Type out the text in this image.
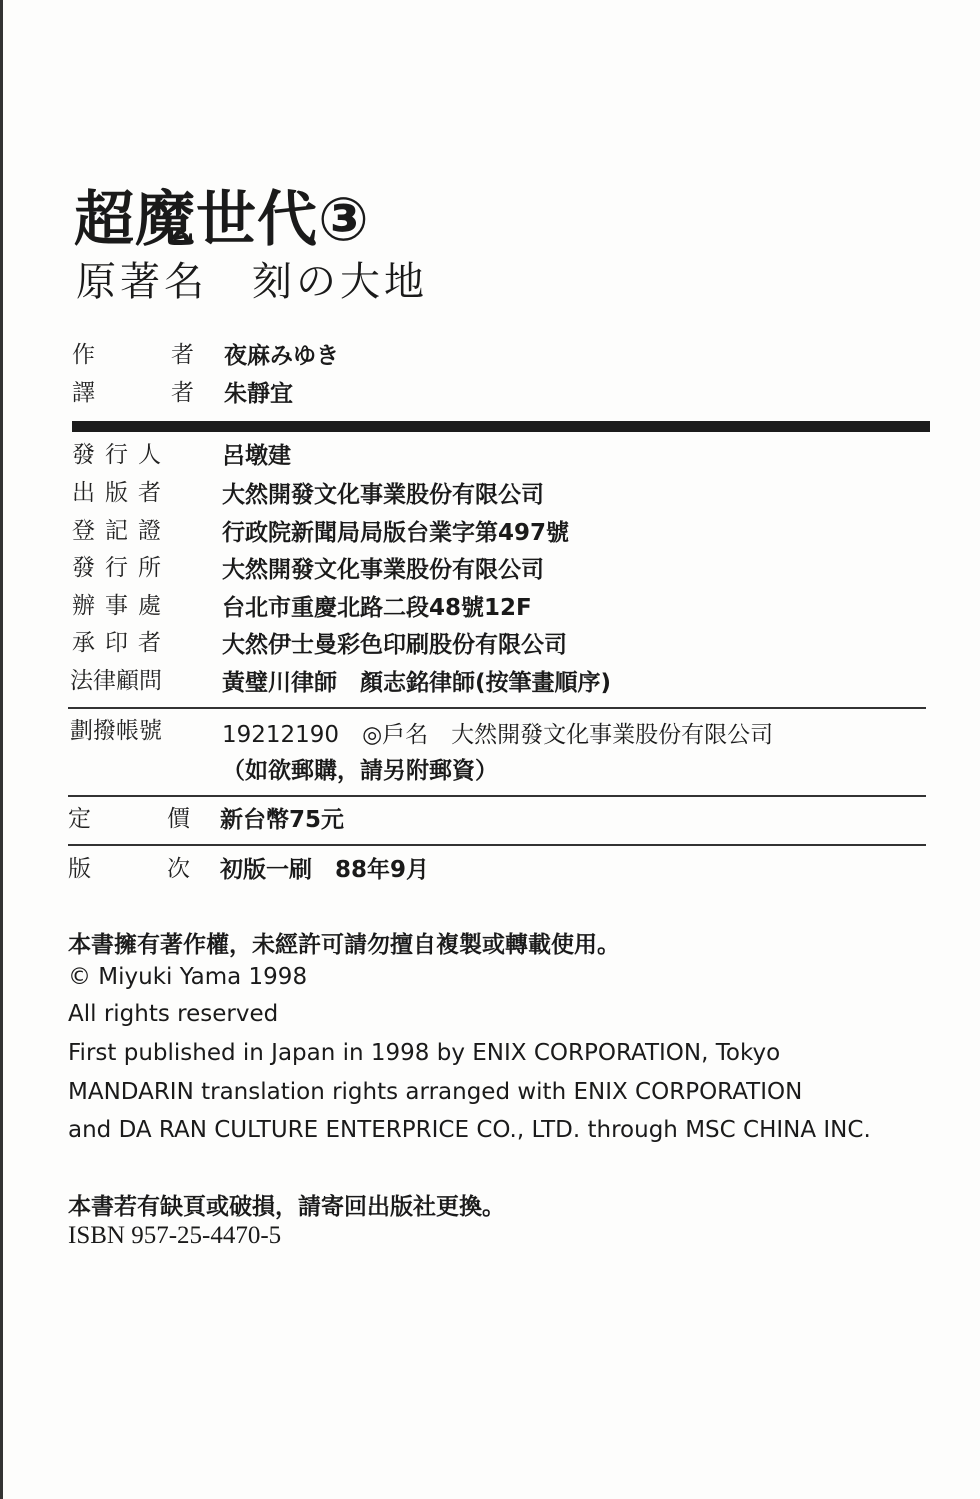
超魔世代③
原著名　刻の大地
作　　者 夜麻みゆき
譯　　者 朱靜宜
發行人 呂墩建
出版者 大然開發文化事業股份有限公司
登記證 行政院新聞局局版台業字第497號
發行所 大然開發文化事業股份有限公司
辦事處 台北市重慶北路二段48號12F
承印者 大然伊士曼彩色印刷股份有限公司
法律顧問	黃璧川律師　顏志銘律師(按筆畫順序)
劃撥帳號	19212190　◎戶名　大然開發文化事業股份有限公司
（如欲郵購，請另附郵資）
定　　價 新台幣75元
版　　次 初版一刷　88年9月
本書擁有著作權，未經許可請勿擅自複製或轉載使用。
© Miyuki Yama 1998
All rights reserved
First published in Japan in 1998 by ENIX CORPORATION, Tokyo
MANDARIN translation rights arranged with ENIX CORPORATION
and DA RAN CULTURE ENTERPRICE CO., LTD. through MSC CHINA INC.
本書若有缺頁或破損，請寄回出版社更換。
ISBN 957-25-4470-5
